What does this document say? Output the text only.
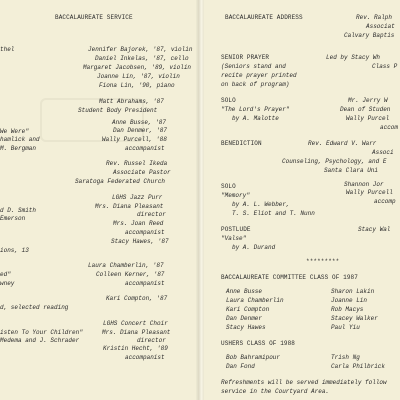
BACCALAUREATE SERVICE
thel	Jennifer Bajorek, '87, violin
Daniel Inkelas, '87, cello
Margaret Jacobsen, '89, violin
Joanne Lin, '87, violin
Fiona Lin, '90, piano
Matt Abrahams, '87
Student Body President
We Were"
Anne Busse, '87
hamlick and
Dan Denmer, '87
M. Bergman
Wally Purcell, '88
accompanist
Rev. Russel Ikeda
Associate Pastor
Saratoga Federated Church
LGHS Jazz Purr
d D. Smith
Mrs. Diana Pleasant
Emerson
director
Mrs. Joan Reed
accompanist
Stacy Hawes, '87
ions, 13
Laura Chamberlin, '87
ed"	Colleen Kerner, '87
wney	accompanist
Kari Compton, '87
d, selected reading
LGHS Concert Choir
isten To Your Children"	Mrs. Diana Pleasant
Medema and J. Schrader	director
Kristin Hecht, '89
accompanist
BACCALAUREATE ADDRESS	Rev. Ralph
Associat
Calvary Baptis
SENIOR PRAYER	Led by Stacy Wh
(Seniors stand and	Class P
recite prayer printed
on back of program)
SOLO	Mr. Jerry W
"The Lord's Prayer"	Dean of Studen
by A. Malotte	Wally Purcel
accom
BENEDICTION	Rev. Edward V. Warr
Associ
Counseling, Psychology, and E
Santa Clara Uni
SOLO	Shannon Jor
"Memory"	Wally Purcell
by A. L. Webber,	accomp
T. S. Eliot and T. Nunn
POSTLUDE	Stacy Wal
"Valse"
by A. Durand
*********
BACCALAUREATE COMMITTEE CLASS OF 1987
Anne Busse	Sharon Lakin
Laura Chamberlin	Joanne Lin
Kari Compton	Rob Macys
Dan Denmer	Stacey Walker
Stacy Hawes	Paul Yiu
USHERS CLASS OF 1988
Bob Bahramipour	Trish Ng
Dan Fond	Carla Philbrick
Refreshments will be served immediately follow
service in the Courtyard Area.
